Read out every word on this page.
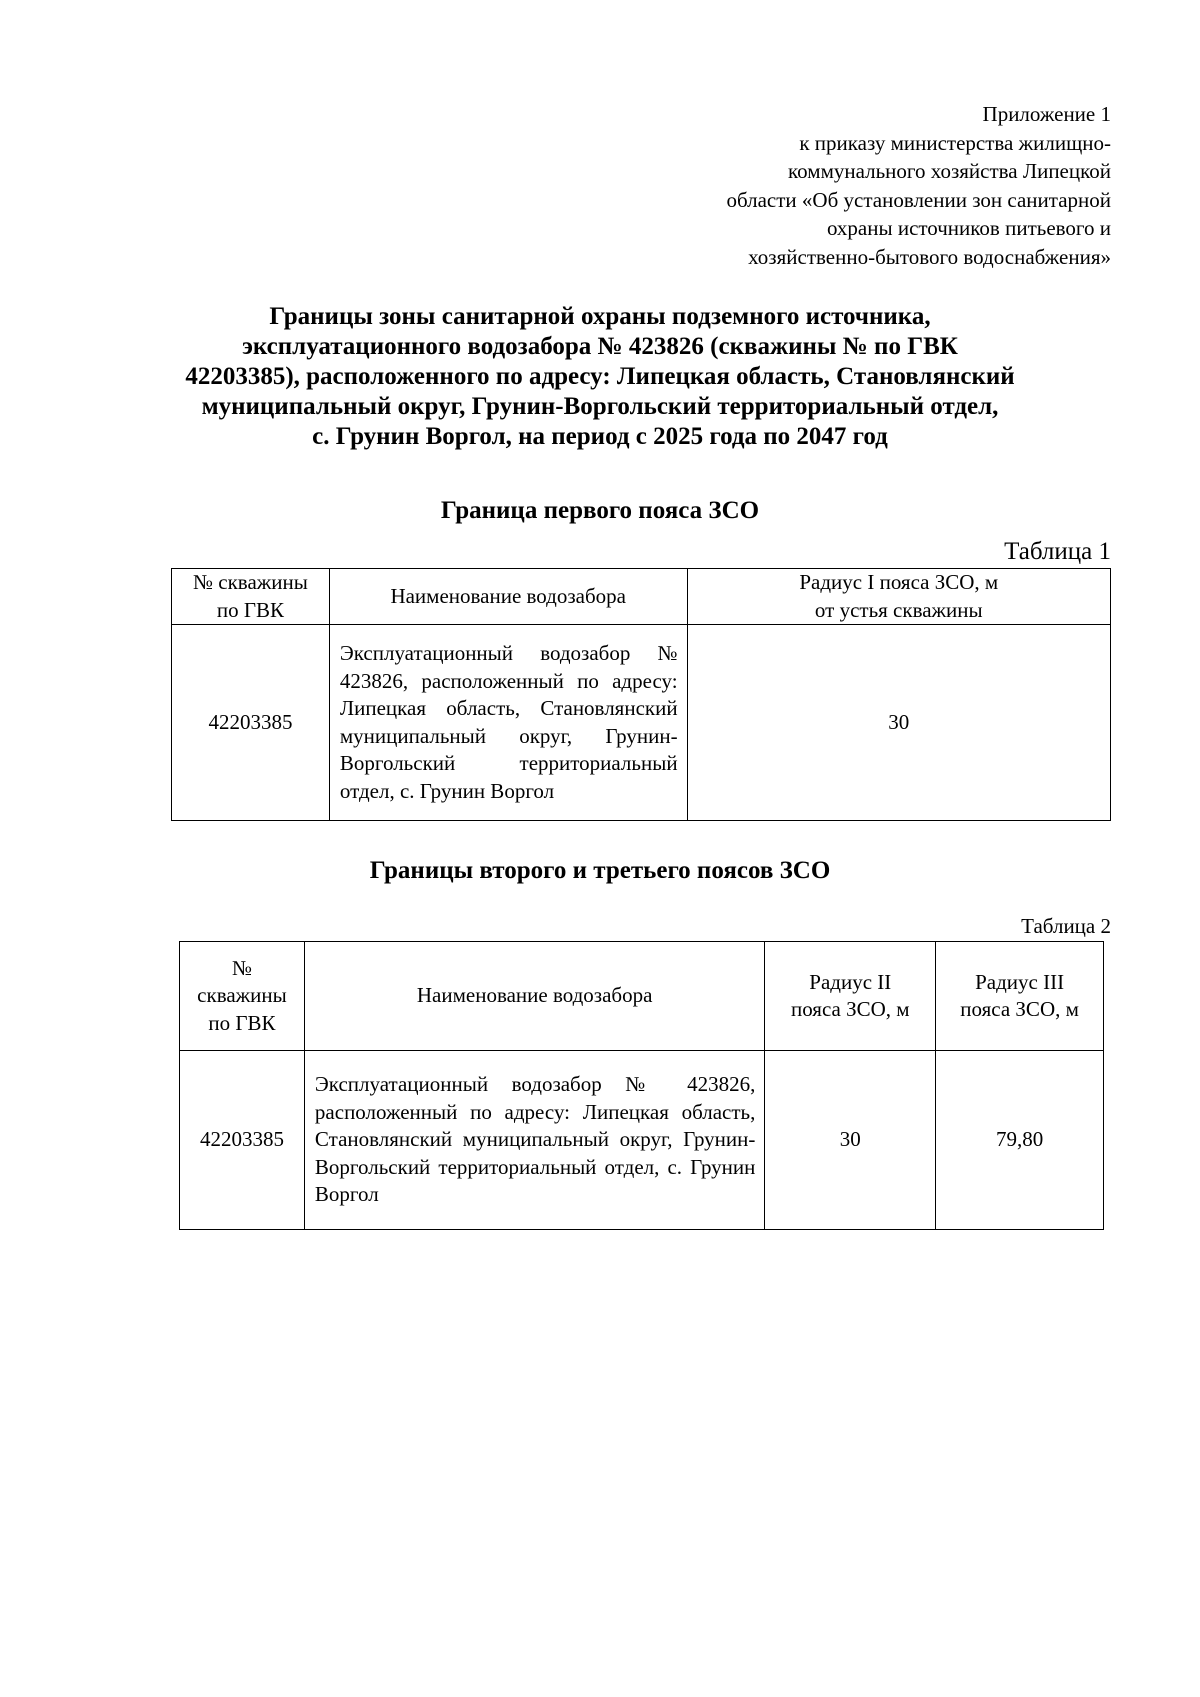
Приложение 1
к приказу министерства жилищно-
коммунального хозяйства Липецкой
области «Об установлении зон санитарной
охраны источников питьевого и
хозяйственно-бытового водоснабжения»
Границы зоны санитарной охраны подземного источника,
эксплуатационного водозабора № 423826 (скважины № по ГВК
42203385), расположенного по адресу: Липецкая область, Становлянский
муниципальный округ, Грунин-Воргольский территориальный отдел,
с. Грунин Воргол, на период с 2025 года по 2047 год
Граница первого пояса ЗСО
Таблица 1
№ скважины
по ГВК	Наименование водозабора	Радиус I пояса ЗСО, м
от устья скважины

42203385	Эксплуатационный водозабор № 423826, расположенный по адресу: Липецкая область, Становлянский муниципальный округ, Грунин-Воргольский территориальный отдел, с. Грунин Воргол	30
Границы второго и третьего поясов ЗСО
Таблица 2
№
скважины
по ГВК	Наименование водозабора	Радиус II
пояса ЗСО, м	Радиус III
пояса ЗСО, м

42203385	Эксплуатационный водозабор № 423826, расположенный по адресу: Липецкая область, Становлянский муниципальный округ, Грунин-Воргольский территориальный отдел, с. Грунин Воргол	30	79,80
